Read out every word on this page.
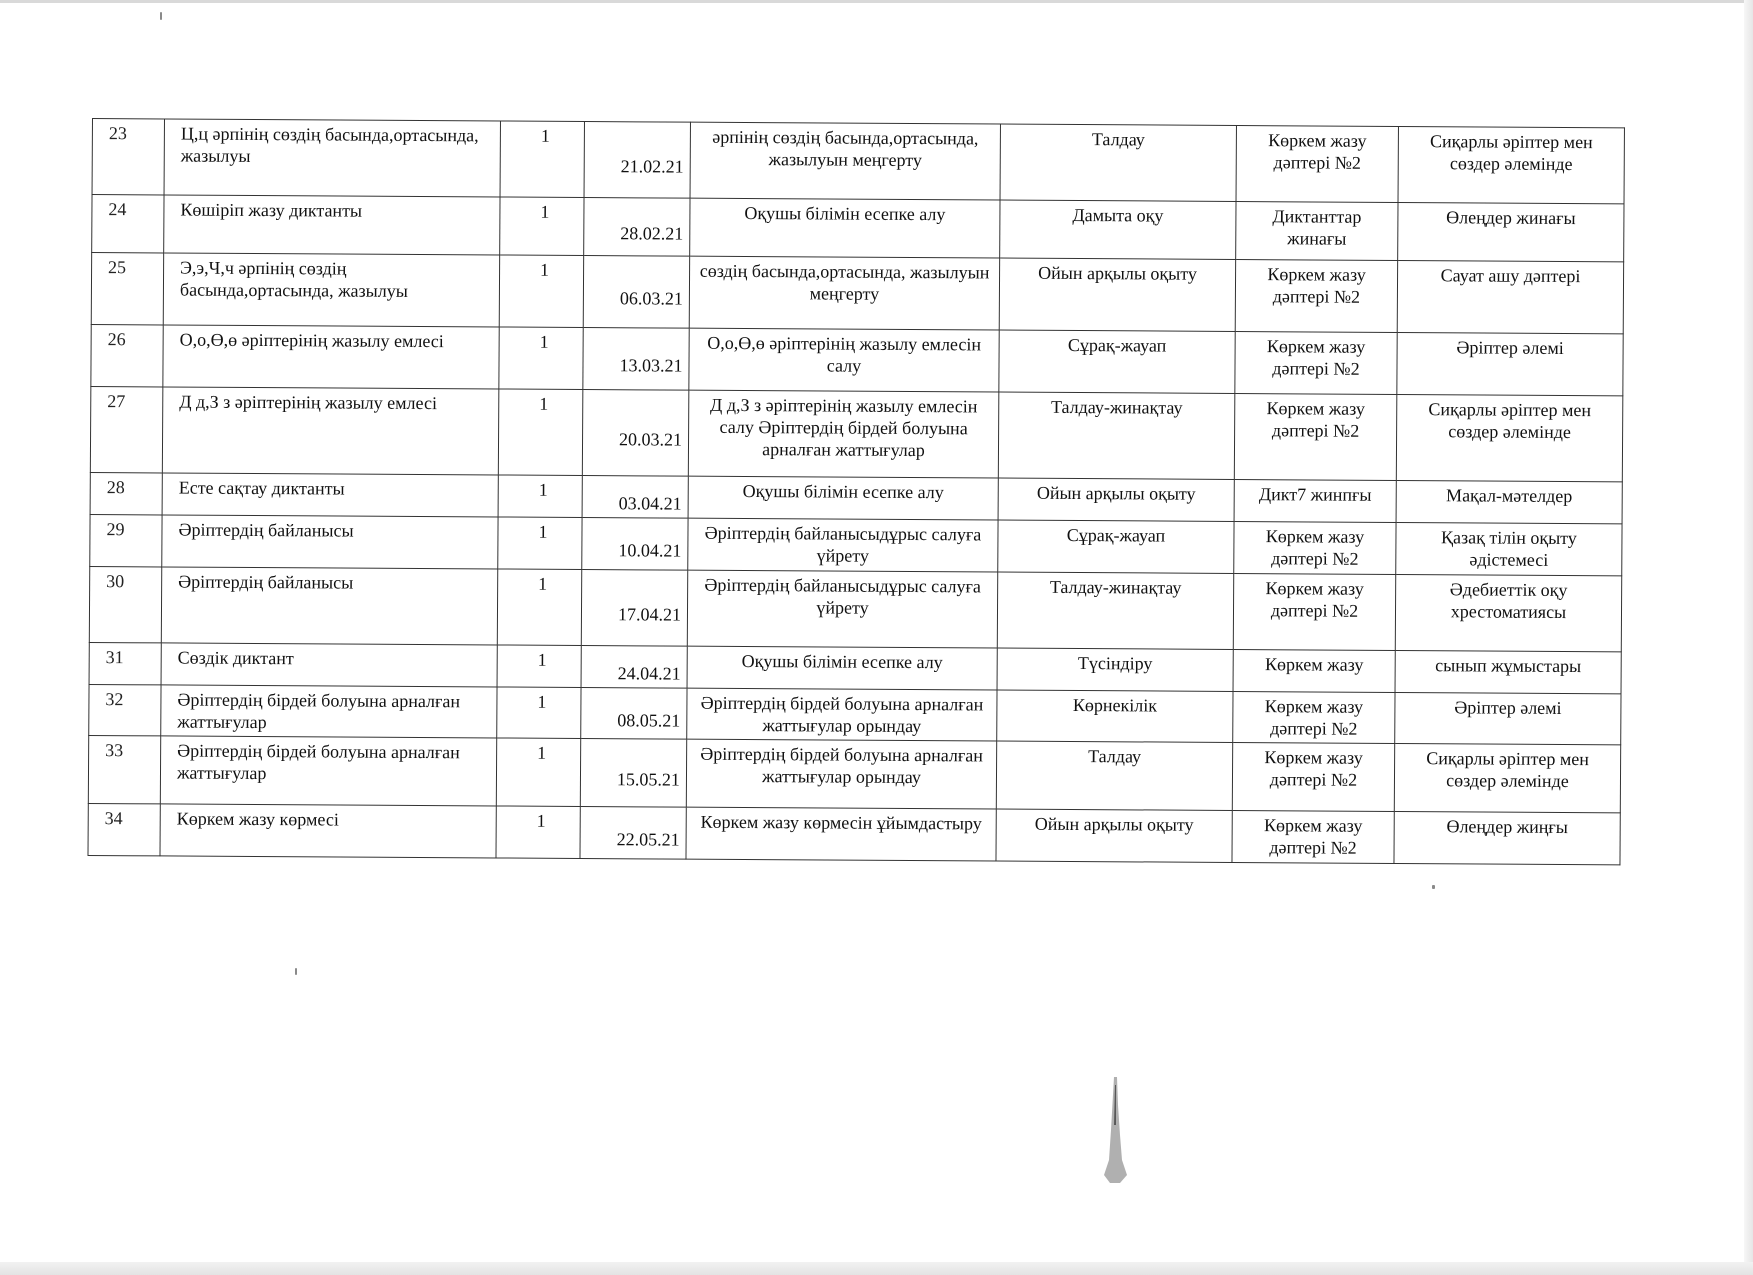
23	Ц,ц әрпінің сөздің басында,ортасында, жазылуы	1	21.02.21	әрпінің сөздің басында,ортасында, жазылуын меңгерту	Талдау	Көркем жазу дәптері №2	Сиқарлы әріптер мен сөздер әлемінде
24	Көшіріп жазу диктанты	1	28.02.21	Оқушы білімін есепке алу	Дамыта оқу	Диктанттар жинағы	Өлеңдер жинағы
25	Э,э,Ч,ч әрпінің сөздің басында,ортасында, жазылуы	1	06.03.21	сөздің басында,ортасында, жазылуын меңгерту	Ойын арқылы оқыту	Көркем жазу дәптері №2	Сауат ашу дәптері
26	О,о,Ө,ө әріптерінің жазылу емлесі	1	13.03.21	О,о,Ө,ө әріптерінің жазылу емлесін салу	Сұрақ-жауап	Көркем жазу дәптері №2	Әріптер әлемі
27	Д д,З з әріптерінің жазылу емлесі	1	20.03.21	Д д,З з әріптерінің жазылу емлесін салу Әріптердің бірдей болуына арналған жаттығулар	Талдау-жинақтау	Көркем жазу дәптері №2	Сиқарлы әріптер мен сөздер әлемінде
28	Есте сақтау диктанты	1	03.04.21	Оқушы білімін есепке алу	Ойын арқылы оқыту	Дикт7 жинпғы	Мақал-мәтелдер
29	Әріптердің байланысы	1	10.04.21	Әріптердің байланысыдұрыс салуға үйрету	Сұрақ-жауап	Көркем жазу дәптері №2	Қазақ тілін оқыту әдістемесі
30	Әріптердің байланысы	1	17.04.21	Әріптердің байланысыдұрыс салуға үйрету	Талдау-жинақтау	Көркем жазу дәптері №2	Әдебиеттік оқу хрестоматиясы
31	Сөздік диктант	1	24.04.21	Оқушы білімін есепке алу	Түсіндіру	Көркем жазу	сынып жұмыстары
32	Әріптердің бірдей болуына арналған жаттығулар	1	08.05.21	Әріптердің бірдей болуына арналған жаттығулар орындау	Көрнекілік	Көркем жазу дәптері №2	Әріптер әлемі
33	Әріптердің бірдей болуына арналған жаттығулар	1	15.05.21	Әріптердің бірдей болуына арналған жаттығулар орындау	Талдау	Көркем жазу дәптері №2	Сиқарлы әріптер мен сөздер әлемінде
34	Көркем жазу көрмесі	1	22.05.21	Көркем жазу көрмесін ұйымдастыру	Ойын арқылы оқыту	Көркем жазу дәптері №2	Өлеңдер жиңғы
